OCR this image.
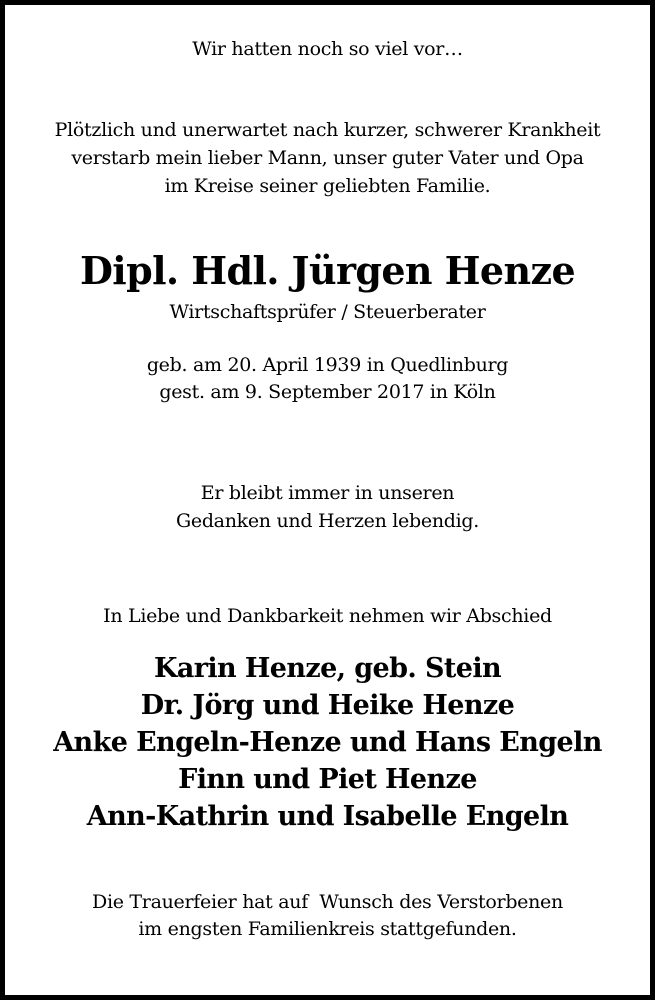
Wir hatten noch so viel vor…
Plötzlich und unerwartet nach kurzer, schwerer Krankheit
verstarb mein lieber Mann, unser guter Vater und Opa
im Kreise seiner geliebten Familie.
Dipl. Hdl. Jürgen Henze
Wirtschaftsprüfer / Steuerberater
geb. am 20. April 1939 in Quedlinburg
gest. am 9. September 2017 in Köln
Er bleibt immer in unseren
Gedanken und Herzen lebendig.
In Liebe und Dankbarkeit nehmen wir Abschied
Karin Henze, geb. Stein
Dr. Jörg und Heike Henze
Anke Engeln-Henze und Hans Engeln
Finn und Piet Henze
Ann-Kathrin und Isabelle Engeln
Die Trauerfeier hat auf  Wunsch des Verstorbenen
im engsten Familienkreis stattgefunden.
